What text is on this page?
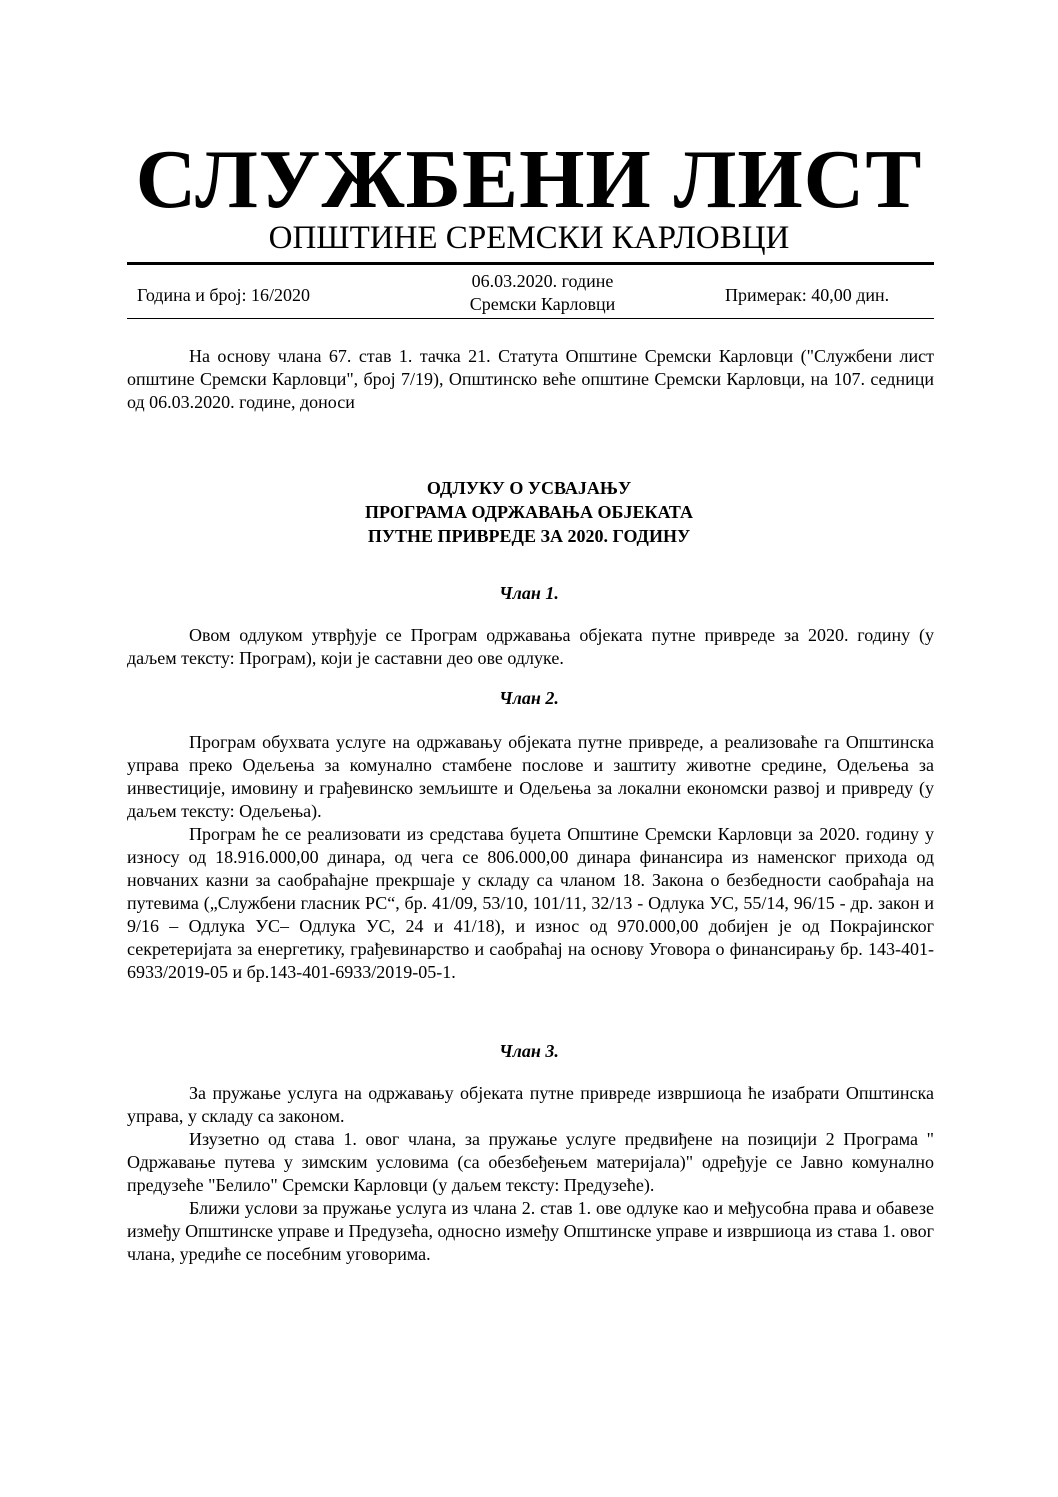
СЛУЖБЕНИ ЛИСТ
ОПШТИНЕ СРЕМСКИ КАРЛОВЦИ
Година и број: 16/2020
06.03.2020. године
Сремски Карловци	Примерак: 40,00 дин.

На основу члана 67. став 1. тачка 21. Статута Општине Сремски Карловци ("Службени лист општине Сремски Карловци", број 7/19), Општинско веће општине Сремски Карловци, на 107. седници од 06.03.2020. године, доноси

ОДЛУКУ О УСВАЈАЊУ
ПРОГРАМА ОДРЖАВАЊА ОБЈЕКАТА
ПУТНЕ ПРИВРЕДЕ ЗА 2020. ГОДИНУ
Члан 1.

Овом одлуком утврђује се Програм одржавања објеката путне привреде за 2020. годину (у даљем тексту: Програм), који је саставни део ове одлуке.

Члан 2.

Програм обухвата услуге на одржавању објеката путне привреде, а реализоваће га Општинска управа преко Одељења за комунално стамбене послове и заштиту животне средине, Одељења за инвестиције, имовину и грађевинско земљиште и Одељења за локални економски развој и привреду (у даљем тексту: Одељења).

Програм ће се реализовати из средстава буџета Општине Сремски Карловци за 2020. годину у износу од 18.916.000,00 динара, од чега се 806.000,00 динара финансира из наменског прихода од новчаних казни за саобраћајне прекршаје у складу са чланом 18. Закона о безбедности саобраћаја на путевима („Службени гласник РС“, бр. 41/09, 53/10, 101/11, 32/13 - Одлука УС, 55/14, 96/15 - др. закон и 9/16 – Одлука УС– Одлука УС, 24 и 41/18), и износ од 970.000,00 добијен је од Покрајинског секретеријата за енергетику, грађевинарство и саобраћај на основу Уговора о финансирању бр. 143-401-6933/2019-05 и бр.143-401-6933/2019-05-1.

Члан 3.

За пружање услуга на одржавању објеката путне привреде извршиоца ће изабрати Општинска управа, у складу са законом.

Изузетно од става 1. овог члана, за пружање услуге предвиђене на позицији 2 Програма " Одржавање путева у зимским условима (са обезбеђењем материјала)" одређује се Јавно комунално предузеће "Белило" Сремски Карловци (у даљем тексту: Предузеће).

Ближи услови за пружање услуга из члана 2. став 1. ове одлуке као и међусобна права и обавезе између Општинске управе и Предузећа, односно између Општинске управе и извршиоца из става 1. овог члана, уредиће се посебним уговорима.
